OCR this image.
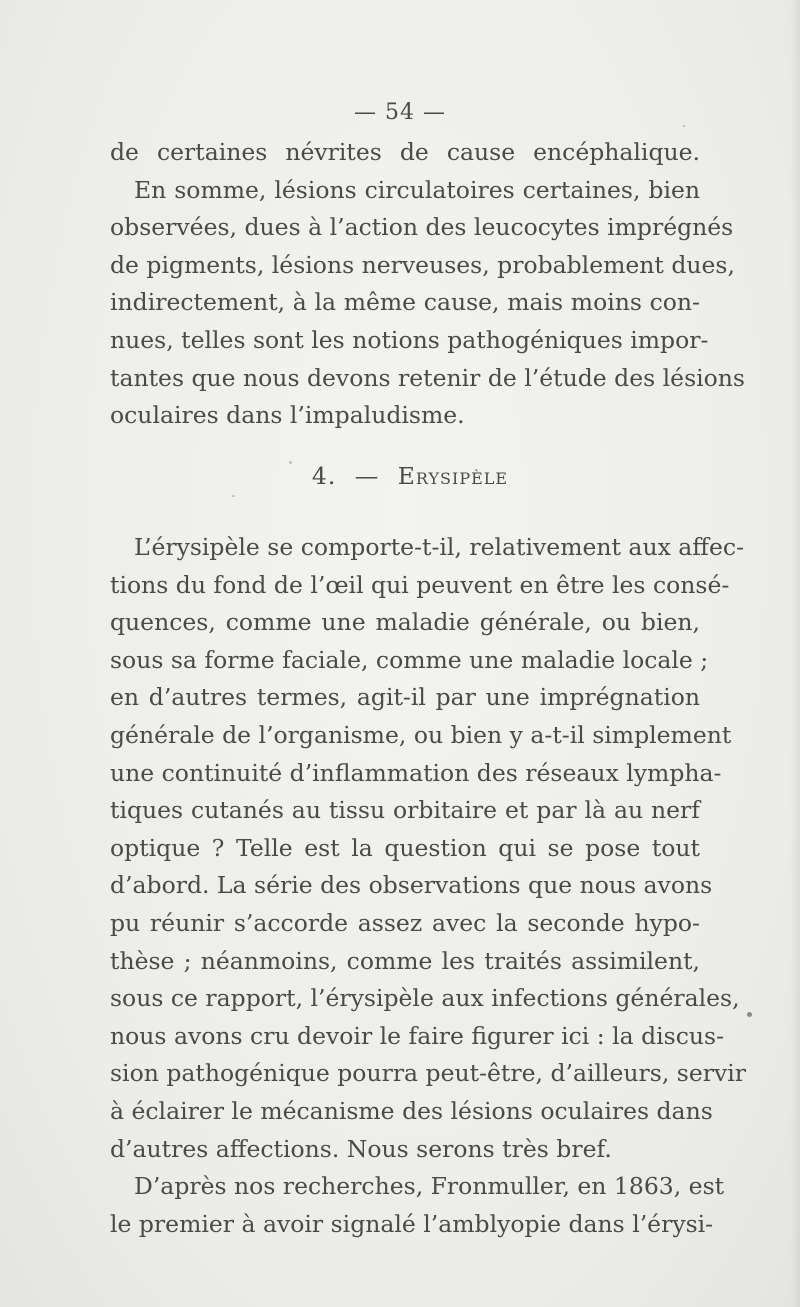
— 54 —
de certaines névrites de cause encéphalique.
En somme, lésions circulatoires certaines, bien
observées, dues à l’action des leucocytes imprégnés
de pigments, lésions nerveuses, probablement dues,
indirectement, à la même cause, mais moins con-
nues, telles sont les notions pathogéniques impor-
tantes que nous devons retenir de l’étude des lésions
oculaires dans l’impaludisme.
4. — Erysipèle
L’érysipèle se comporte-t-il, relativement aux affec-
tions du fond de l’œil qui peuvent en être les consé-
quences, comme une maladie générale, ou bien,
sous sa forme faciale, comme une maladie locale ;
en d’autres termes, agit-il par une imprégnation
générale de l’organisme, ou bien y a-t-il simplement
une continuité d’inflammation des réseaux lympha-
tiques cutanés au tissu orbitaire et par là au nerf
optique ? Telle est la question qui se pose tout
d’abord. La série des observations que nous avons
pu réunir s’accorde assez avec la seconde hypo-
thèse ; néanmoins, comme les traités assimilent,
sous ce rapport, l’érysipèle aux infections générales,
nous avons cru devoir le faire figurer ici : la discus-
sion pathogénique pourra peut-être, d’ailleurs, servir
à éclairer le mécanisme des lésions oculaires dans
d’autres affections. Nous serons très bref.
D’après nos recherches, Fronmuller, en 1863, est
le premier à avoir signalé l’amblyopie dans l’érysi-
